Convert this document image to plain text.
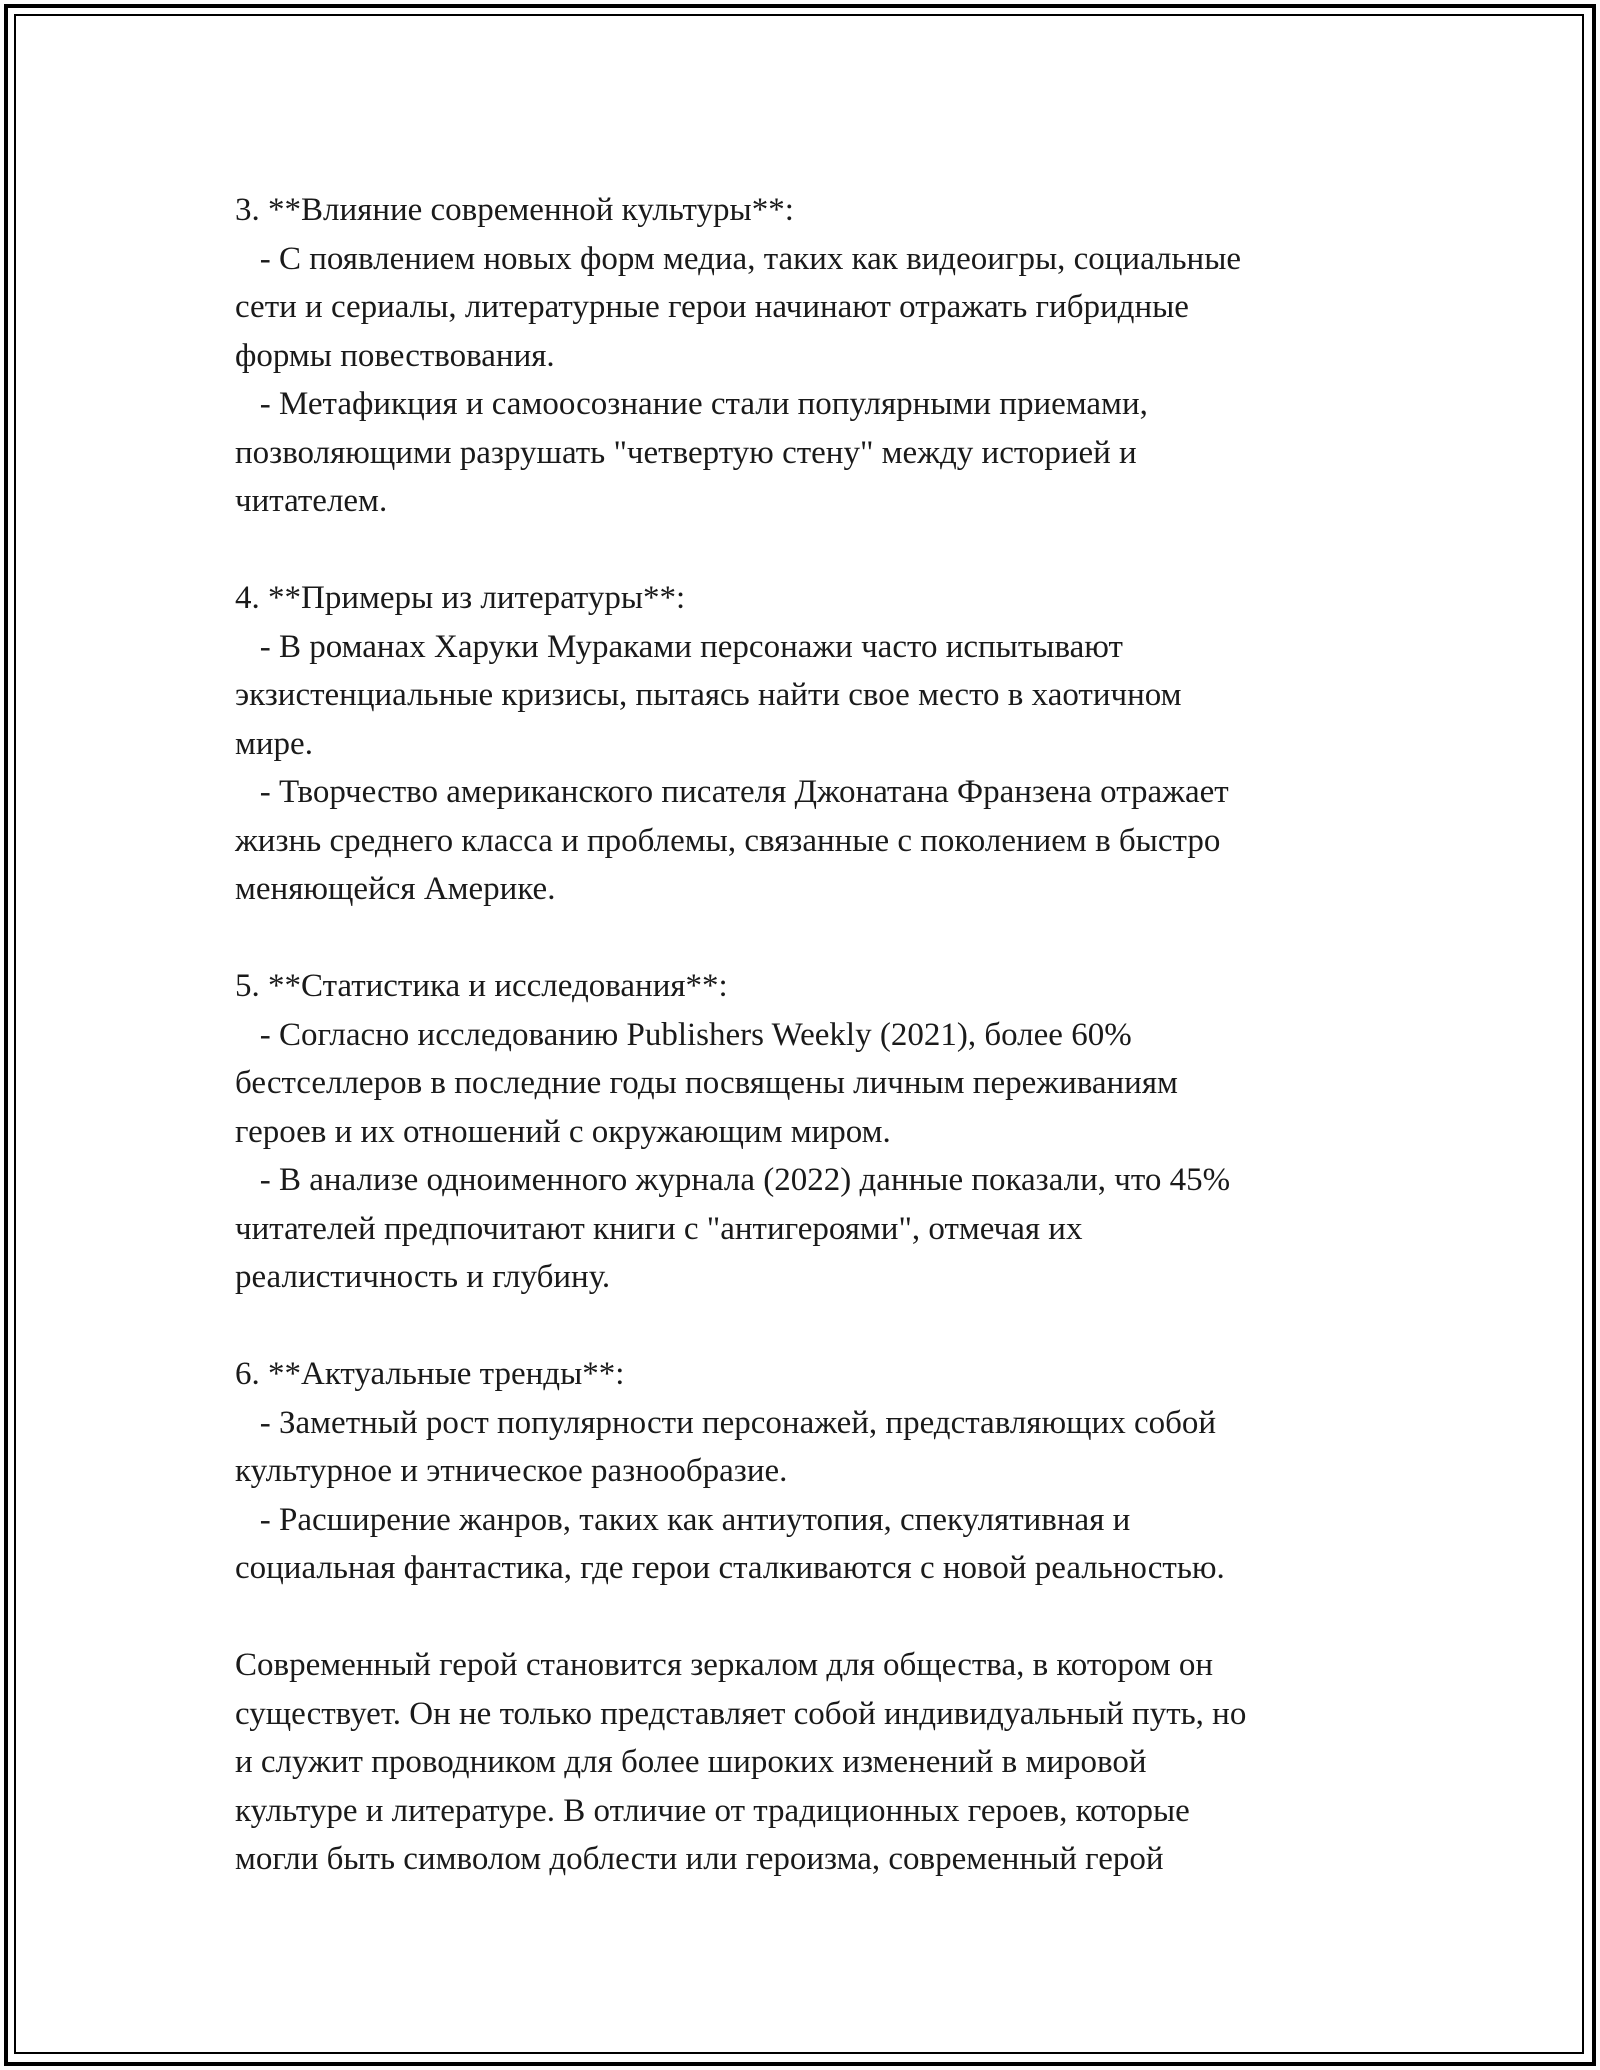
3. **Влияние современной культуры**:
- С появлением новых форм медиа, таких как видеоигры, социальные
сети и сериалы, литературные герои начинают отражать гибридные
формы повествования.
- Метафикция и самоосознание стали популярными приемами,
позволяющими разрушать "четвертую стену" между историей и
читателем.
4. **Примеры из литературы**:
- В романах Харуки Мураками персонажи часто испытывают
экзистенциальные кризисы, пытаясь найти свое место в хаотичном
мире.
- Творчество американского писателя Джонатана Франзена отражает
жизнь среднего класса и проблемы, связанные с поколением в быстро
меняющейся Америке.
5. **Статистика и исследования**:
- Согласно исследованию Publishers Weekly (2021), более 60%
бестселлеров в последние годы посвящены личным переживаниям
героев и их отношений с окружающим миром.
- В анализе одноименного журнала (2022) данные показали, что 45%
читателей предпочитают книги с "антигероями", отмечая их
реалистичность и глубину.
6. **Актуальные тренды**:
- Заметный рост популярности персонажей, представляющих собой
культурное и этническое разнообразие.
- Расширение жанров, таких как антиутопия, спекулятивная и
социальная фантастика, где герои сталкиваются с новой реальностью.
Современный герой становится зеркалом для общества, в котором он
существует. Он не только представляет собой индивидуальный путь, но
и служит проводником для более широких изменений в мировой
культуре и литературе. В отличие от традиционных героев, которые
могли быть символом доблести или героизма, современный герой
